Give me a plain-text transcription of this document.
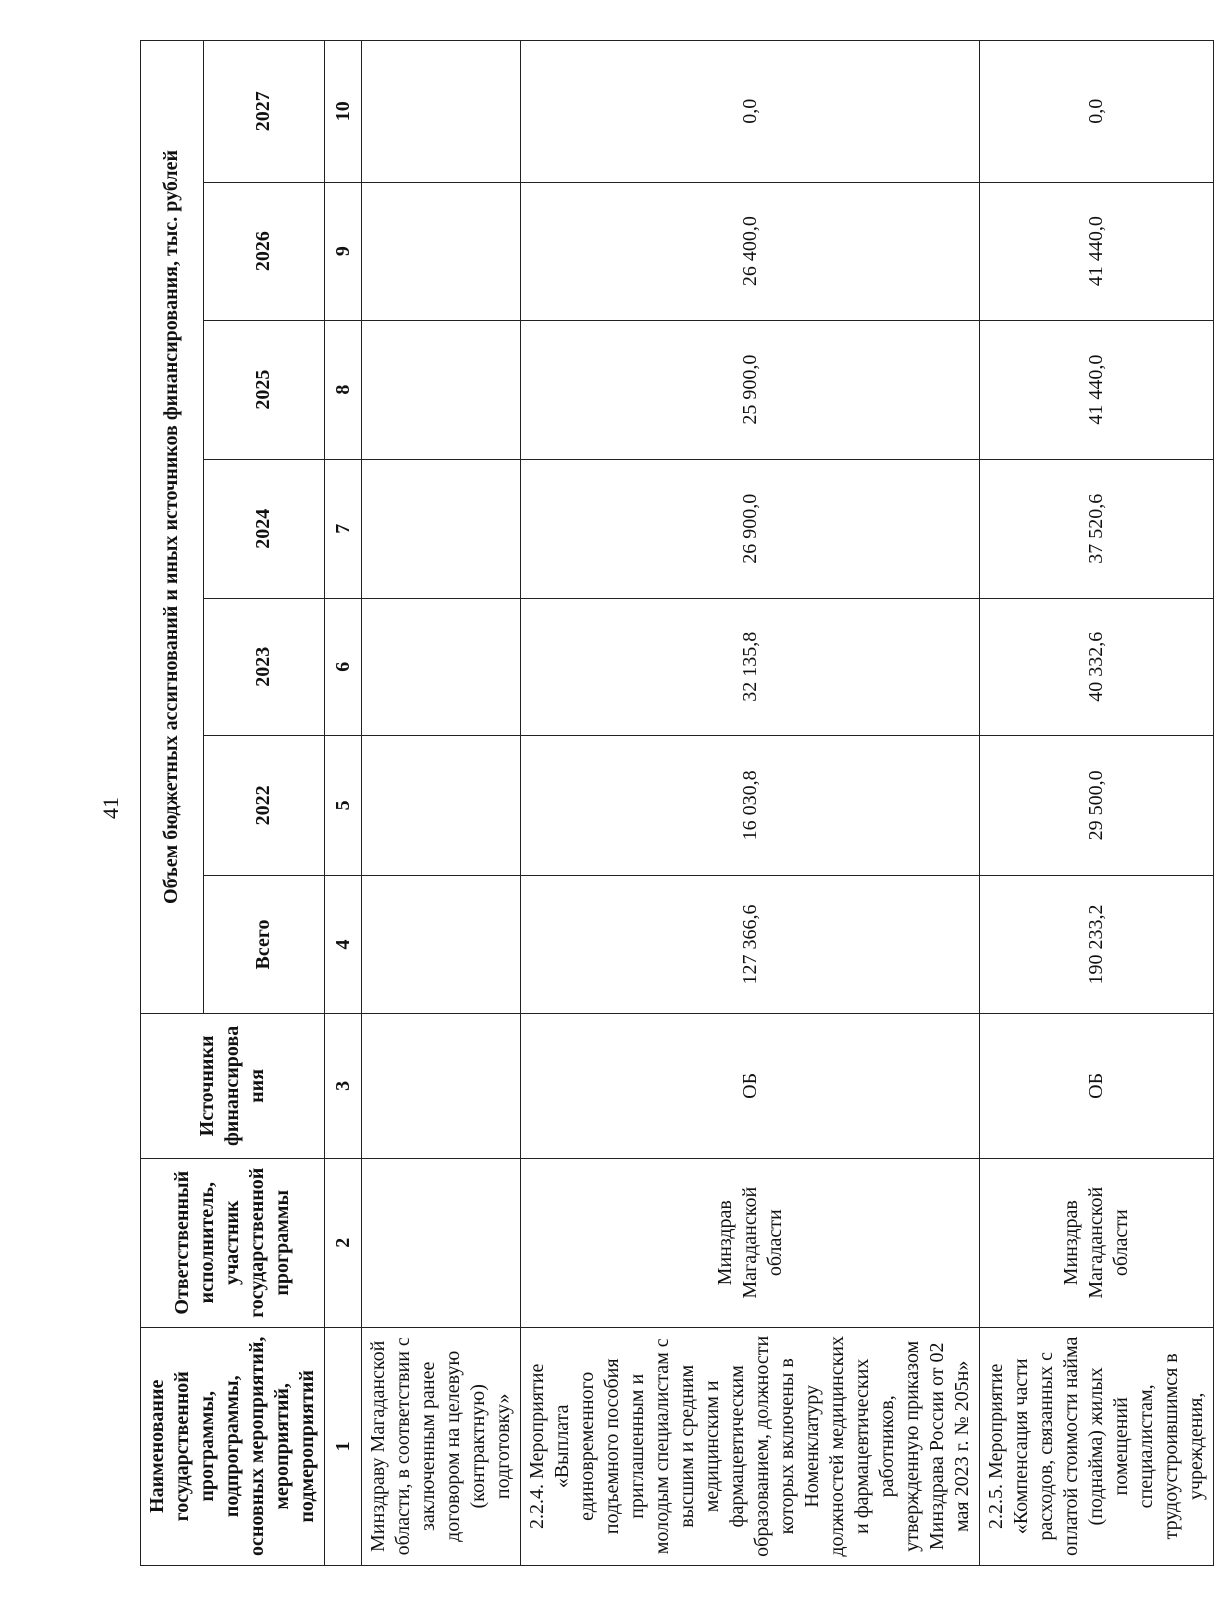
41
Наименование государственной программы, подпрограммы, основных мероприятий, мероприятий, подмероприятий	Ответственный исполнитель, участник государственной программы	Источники финансирова ния	Объем бюджетных ассигнований и иных источников финансирования, тыс. рублей						
			Всего	2022	2023	2024	2025	2026	2027
1	2	3	4	5	6	7	8	9	10
Минздраву Магаданской области, в соответствии с заключенным ранее договором на целевую (контрактную) подготовку»									
2.2.4. Мероприятие «Выплата единовременного подъемного пособия приглашенным и молодым специалистам с высшим и средним медицинским и фармацевтическим образованием, должности которых включены в Номенклатуру должностей медицинских и фармацевтических работников, утвержденную приказом Минздрава России от 02 мая 2023 г. № 205н»	Минздрав Магаданской области	ОБ	127 366,6	16 030,8	32 135,8	26 900,0	25 900,0	26 400,0	0,0
2.2.5. Мероприятие «Компенсация части расходов, связанных с оплатой стоимости найма (поднайма) жилых помещений специалистам, трудоустроившимся в учреждения,	Минздрав Магаданской области	ОБ	190 233,2	29 500,0	40 332,6	37 520,6	41 440,0	41 440,0	0,0
